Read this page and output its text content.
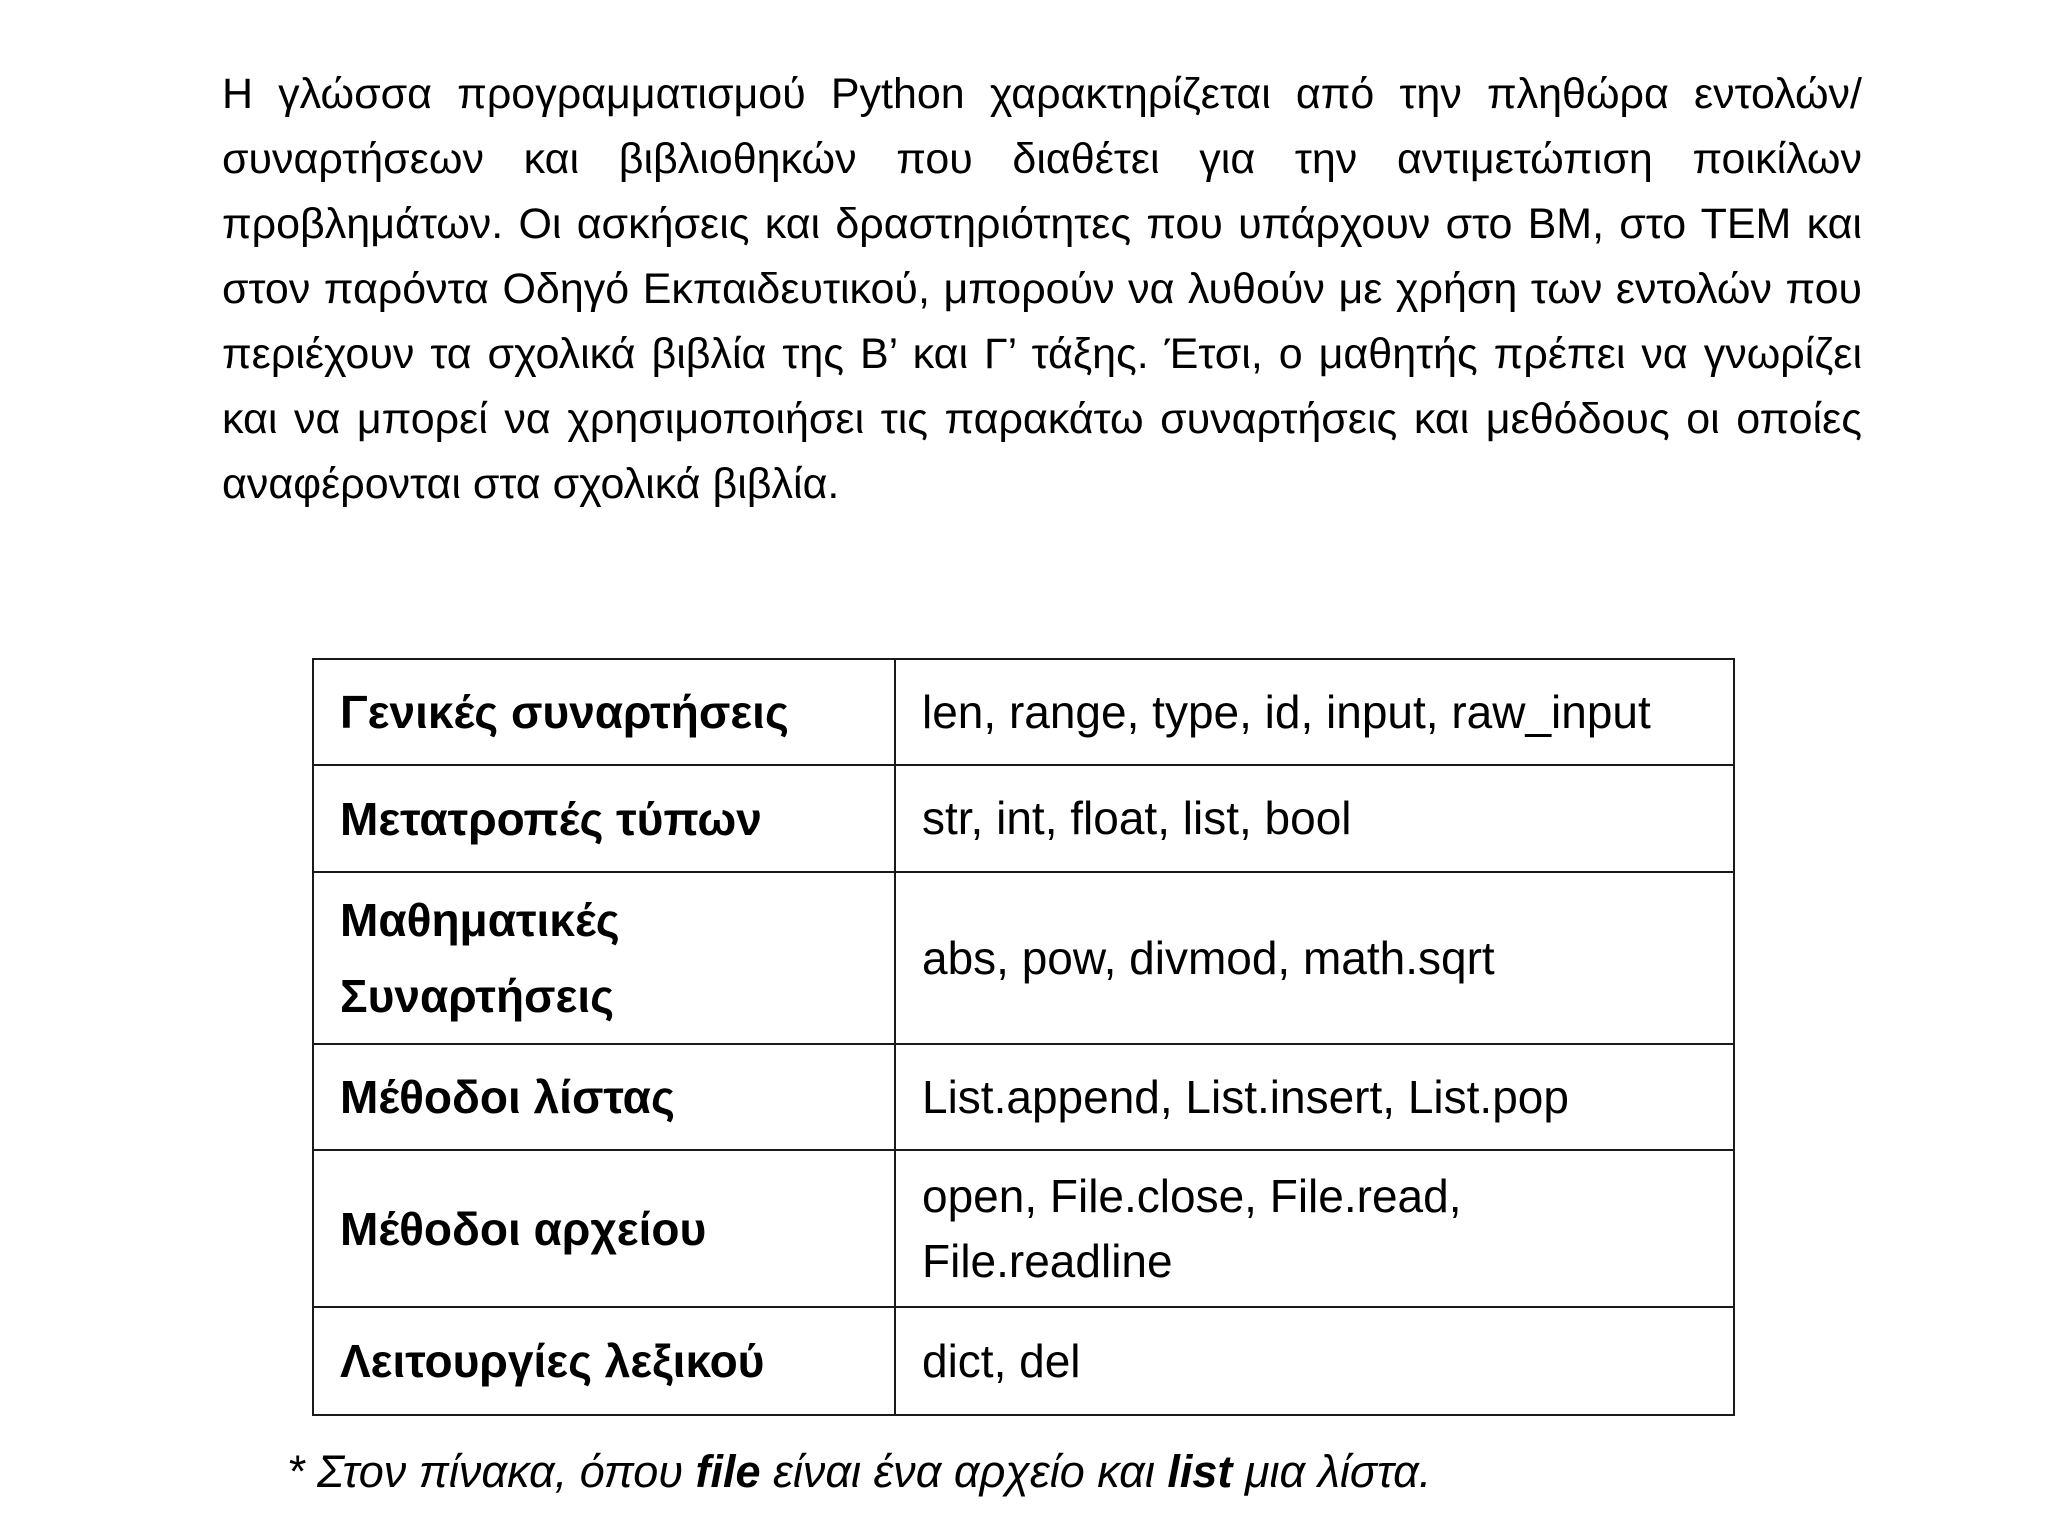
Η γλώσσα προγραμματισμού Python χαρακτηρίζεται από την πληθώρα εντολών/συναρτήσεων και βιβλιοθηκών που διαθέτει για την αντιμετώπιση ποικίλων προβλημάτων. Οι ασκήσεις και δραστηριότητες που υπάρχουν στο ΒΜ, στο ΤΕΜ και στον παρόντα Οδηγό Εκπαιδευτικού, μπορούν να λυθούν με χρήση των εντολών που περιέχουν τα σχολικά βιβλία της Β’ και Γ’ τάξης. Έτσι, ο μαθητής πρέπει να γνωρίζει και να μπορεί να χρησιμοποιήσει τις παρακάτω συναρτήσεις και μεθόδους οι οποίες αναφέρονται στα σχολικά βιβλία.

Γενικές συναρτήσεις	len, range, type, id, input, raw_input
Μετατροπές τύπων	str, int, float, list, bool
Μαθηματικές
Συναρτήσεις	abs, pow, divmod, math.sqrt
Μέθοδοι λίστας	List.append, List.insert, List.pop
Μέθοδοι αρχείου	open, File.close, File.read,
File.readline
Λειτουργίες λεξικού	dict, del

* Στον πίνακα, όπου file είναι ένα αρχείο και list μια λίστα.
